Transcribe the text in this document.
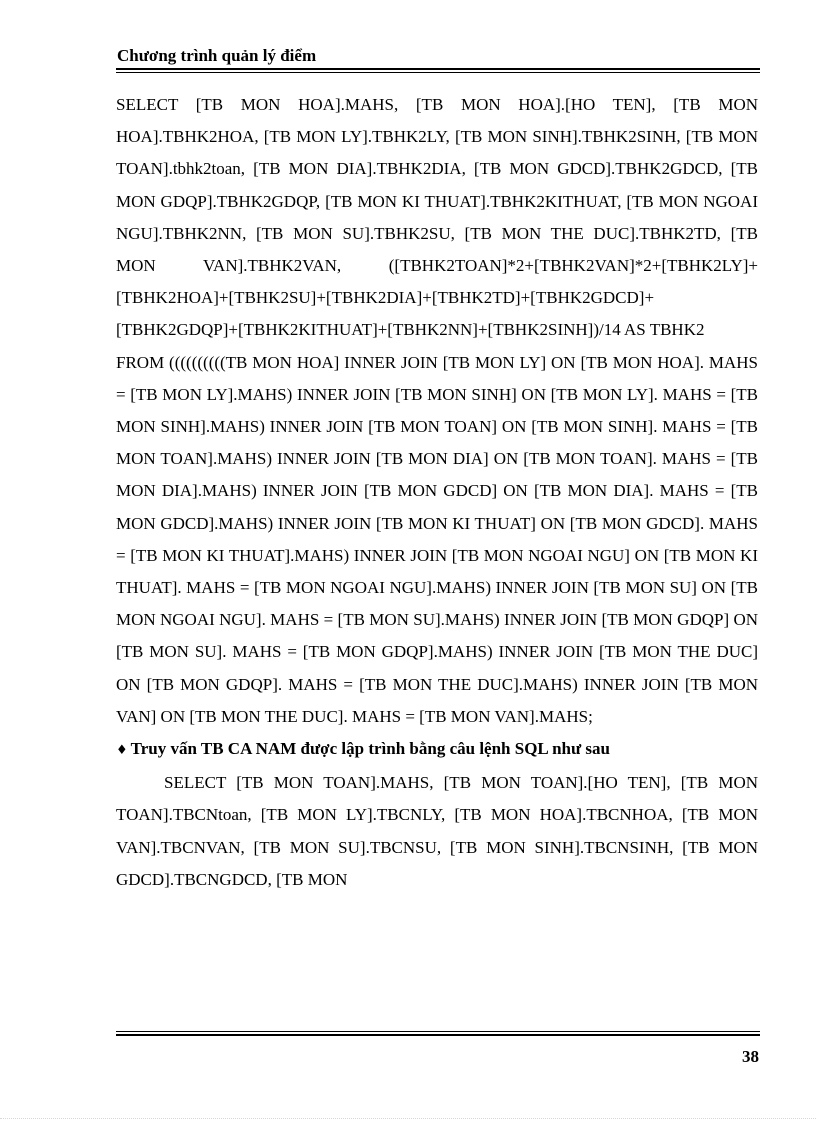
Chương trình quản lý điểm

SELECT [TB MON HOA].MAHS, [TB MON HOA].[HO TEN], [TB MON HOA].TBHK2HOA, [TB MON LY].TBHK2LY, [TB MON SINH].TBHK2SINH, [TB MON TOAN].tbhk2toan, [TB MON DIA].TBHK2DIA, [TB MON GDCD].TBHK2GDCD, [TB MON GDQP].TBHK2GDQP, [TB MON KI THUAT].TBHK2KITHUAT, [TB MON NGOAI NGU].TBHK2NN, [TB MON SU].TBHK2SU, [TB MON THE DUC].TBHK2TD, [TB MON VAN].TBHK2VAN, ([TBHK2TOAN]*2+[TBHK2VAN]*2+[TBHK2LY]+[TBHK2HOA]+[TBHK2SU]+[TBHK2DIA]+[TBHK2TD]+[TBHK2GDCD]+[TBHK2GDQP]+[TBHK2KITHUAT]+[TBHK2NN]+[TBHK2SINH])/14 AS TBHK2

FROM ((((((((((TB MON HOA] INNER JOIN [TB MON LY] ON [TB MON HOA]. MAHS = [TB MON LY].MAHS) INNER JOIN [TB MON SINH] ON [TB MON LY]. MAHS = [TB MON SINH].MAHS) INNER JOIN [TB MON TOAN] ON [TB MON SINH]. MAHS = [TB MON TOAN].MAHS) INNER JOIN [TB MON DIA] ON [TB MON TOAN]. MAHS = [TB MON DIA].MAHS) INNER JOIN [TB MON GDCD] ON [TB MON DIA]. MAHS = [TB MON GDCD].MAHS) INNER JOIN [TB MON KI THUAT] ON [TB MON GDCD]. MAHS = [TB MON KI THUAT].MAHS) INNER JOIN [TB MON NGOAI NGU] ON [TB MON KI THUAT]. MAHS = [TB MON NGOAI NGU].MAHS) INNER JOIN [TB MON SU] ON [TB MON NGOAI NGU]. MAHS = [TB MON SU].MAHS) INNER JOIN [TB MON GDQP] ON [TB MON SU]. MAHS = [TB MON GDQP].MAHS) INNER JOIN [TB MON THE DUC] ON [TB MON GDQP]. MAHS = [TB MON THE DUC].MAHS) INNER JOIN [TB MON VAN] ON [TB MON THE DUC]. MAHS = [TB MON VAN].MAHS;

♦ Truy vấn TB CA NAM được lập trình bằng câu lệnh SQL như sau

SELECT [TB MON TOAN].MAHS, [TB MON TOAN].[HO TEN], [TB MON TOAN].TBCNtoan, [TB MON LY].TBCNLY, [TB MON HOA].TBCNHOA, [TB MON VAN].TBCNVAN, [TB MON SU].TBCNSU, [TB MON SINH].TBCNSINH, [TB MON GDCD].TBCNGDCD, [TB MON

38
